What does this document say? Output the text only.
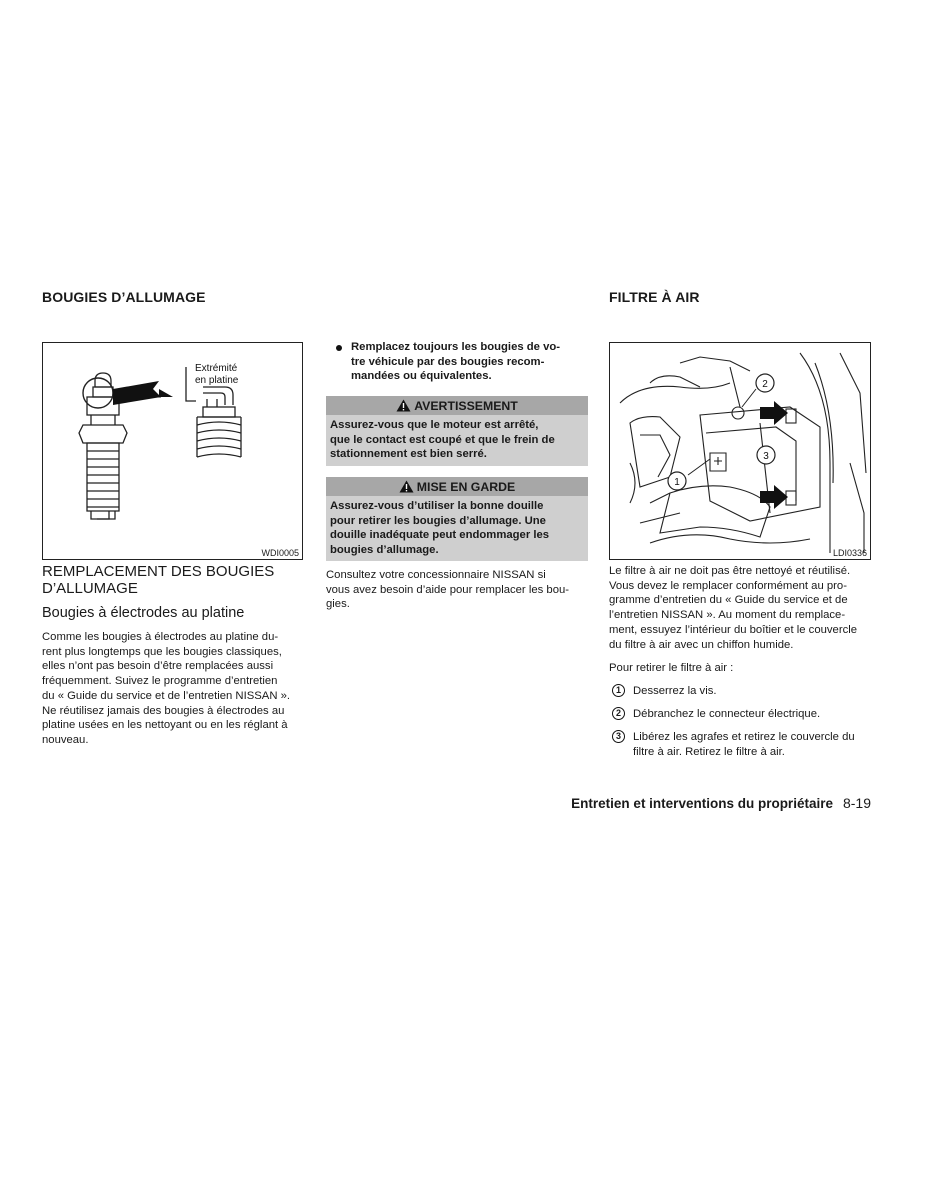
BOUGIES D’ALLUMAGE
Extrémité
en platine
WDI0005
REMPLACEMENT DES BOUGIES
D’ALLUMAGE
Bougies à électrodes au platine
Comme les bougies à électrodes au platine du-
rent plus longtemps que les bougies classiques,
elles n’ont pas besoin d’être remplacées aussi
fréquemment. Suivez le programme d’entretien
du « Guide du service et de l’entretien NISSAN ».
Ne réutilisez jamais des bougies à électrodes au
platine usées en les nettoyant ou en les réglant à
nouveau.
Remplacez toujours les bougies de vo-
tre véhicule par des bougies recom-
mandées ou équivalentes.
AVERTISSEMENT
Assurez-vous que le moteur est arrêté,
que le contact est coupé et que le frein de
stationnement est bien serré.
MISE EN GARDE
Assurez-vous d’utiliser la bonne douille
pour retirer les bougies d’allumage. Une
douille inadéquate peut endommager les
bougies d’allumage.
Consultez votre concessionnaire NISSAN si
vous avez besoin d’aide pour remplacer les bou-
gies.
FILTRE À AIR
2
3
1
LDI0336
Le filtre à air ne doit pas être nettoyé et réutilisé.
Vous devez le remplacer conformément au pro-
gramme d’entretien du « Guide du service et de
l’entretien NISSAN ». Au moment du remplace-
ment, essuyez l’intérieur du boîtier et le couvercle
du filtre à air avec un chiffon humide.
Pour retirer le filtre à air :
1	Desserrez la vis.
2	Débranchez le connecteur électrique.
3	Libérez les agrafes et retirez le couvercle du
filtre à air. Retirez le filtre à air.
Entretien et interventions du propriétaire 8-19
